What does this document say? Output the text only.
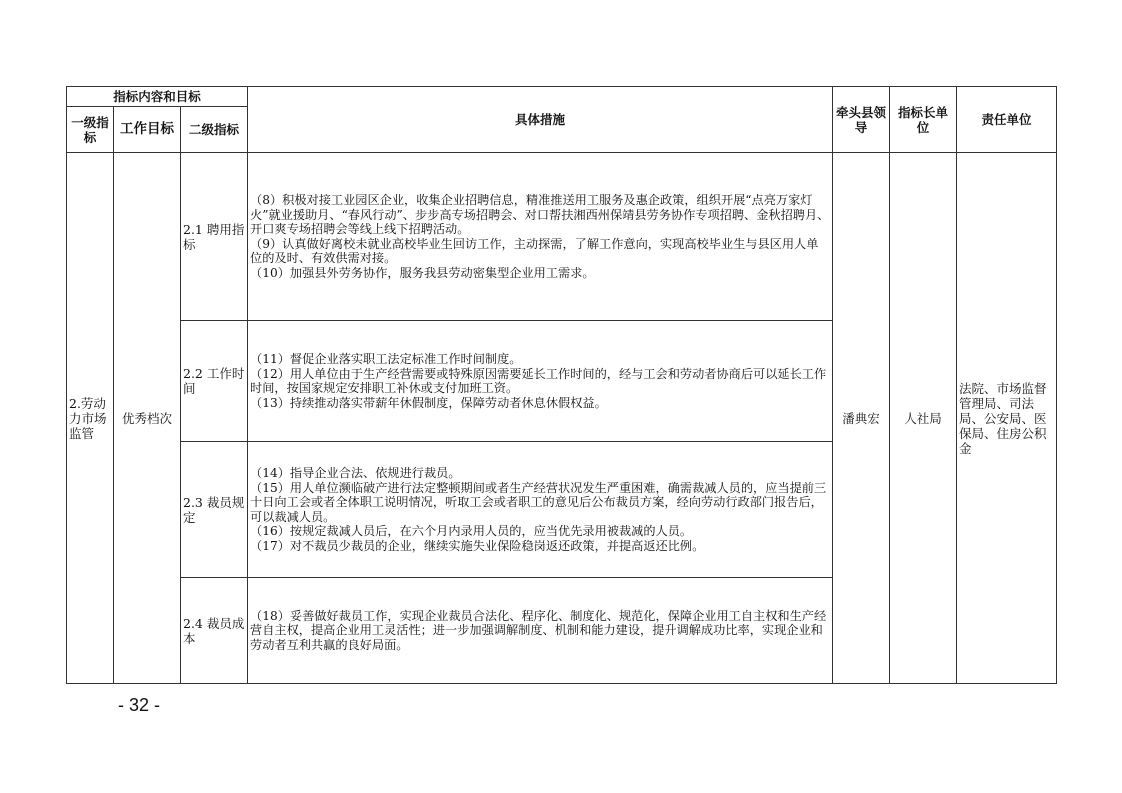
指标内容和目标			具体措施	牵头县领导	指标长单位	责任单位
一级指标	工作目标	二级指标				
2.劳动力市场监管	优秀档次	2.1 聘用指标	（8）积极对接工业园区企业，收集企业招聘信息，精准推送用工服务及惠企政策，组织开展“点亮万家灯火”就业援助月、“春风行动”、步步高专场招聘会、对口帮扶湘西州保靖县劳务协作专项招聘、金秋招聘月、开口爽专场招聘会等线上线下招聘活动。

（9）认真做好离校未就业高校毕业生回访工作，主动探需，了解工作意向，实现高校毕业生与县区用人单位的及时、有效供需对接。

（10）加强县外劳务协作，服务我县劳动密集型企业用工需求。	潘典宏	人社局	法院、市场监督管理局、司法局、公安局、医保局、住房公积金
		2.2 工作时间	（11）督促企业落实职工法定标准工作时间制度。

（12）用人单位由于生产经营需要或特殊原因需要延长工作时间的，经与工会和劳动者协商后可以延长工作时间，按国家规定安排职工补休或支付加班工资。

（13）持续推动落实带薪年休假制度，保障劳动者休息休假权益。			

		2.3 裁员规定	（14）指导企业合法、依规进行裁员。

（15）用人单位濒临破产进行法定整顿期间或者生产经营状况发生严重困难，确需裁减人员的，应当提前三十日向工会或者全体职工说明情况，听取工会或者职工的意见后公布裁员方案，经向劳动行政部门报告后，可以裁减人员。

（16）按规定裁减人员后，在六个月内录用人员的，应当优先录用被裁减的人员。

（17）对不裁员少裁员的企业，继续实施失业保险稳岗返还政策，并提高返还比例。			

		2.4 裁员成本	（18）妥善做好裁员工作，实现企业裁员合法化、程序化、制度化、规范化，保障企业用工自主权和生产经营自主权，提高企业用工灵活性；进一步加强调解制度、机制和能力建设，提升调解成功比率，实现企业和劳动者互利共赢的良好局面。			

- 32 -
